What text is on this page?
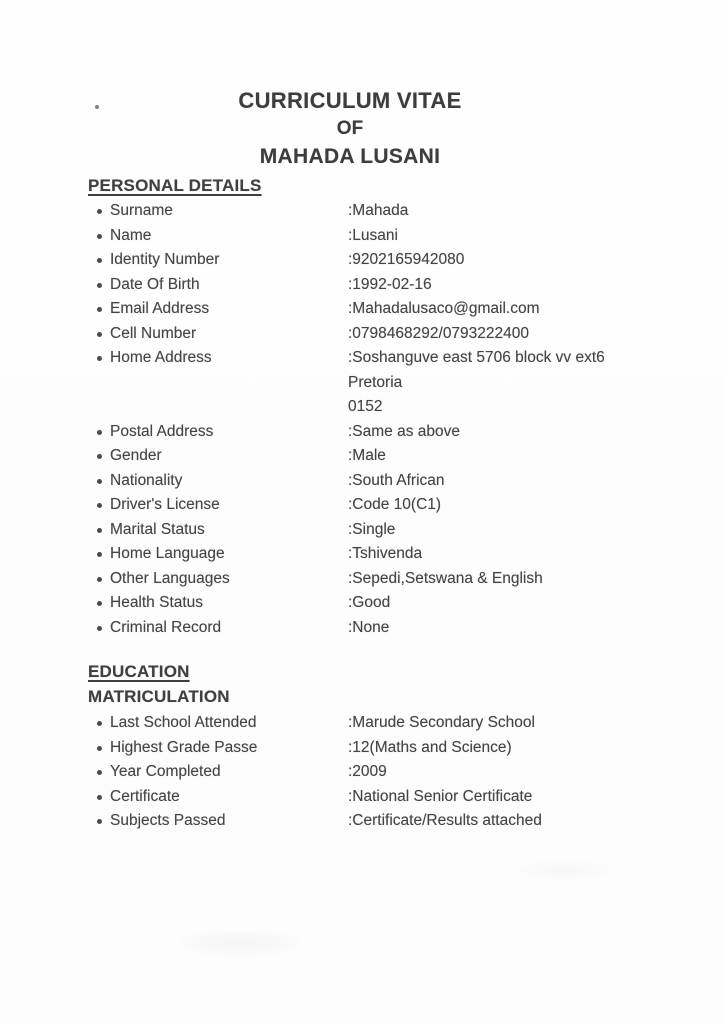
CURRICULUM VITAE
OF
MAHADA LUSANI
PERSONAL DETAILS
Surname	:Mahada
Name	:Lusani
Identity Number	:9202165942080
Date Of Birth	:1992-02-16
Email Address	:Mahadalusaco@gmail.com
Cell Number	:0798468292/0793222400
Home Address	:Soshanguve east 5706 block vv ext6
Pretoria
0152
Postal Address	:Same as above
Gender	:Male
Nationality	:South African
Driver's License	:Code 10(C1)
Marital Status	:Single
Home Language	:Tshivenda
Other Languages	:Sepedi,Setswana & English
Health Status	:Good
Criminal Record	:None
EDUCATION
MATRICULATION
Last School Attended	:Marude Secondary School
Highest Grade Passe	:12(Maths and Science)
Year Completed	:2009
Certificate	:National Senior Certificate
Subjects Passed	:Certificate/Results attached
